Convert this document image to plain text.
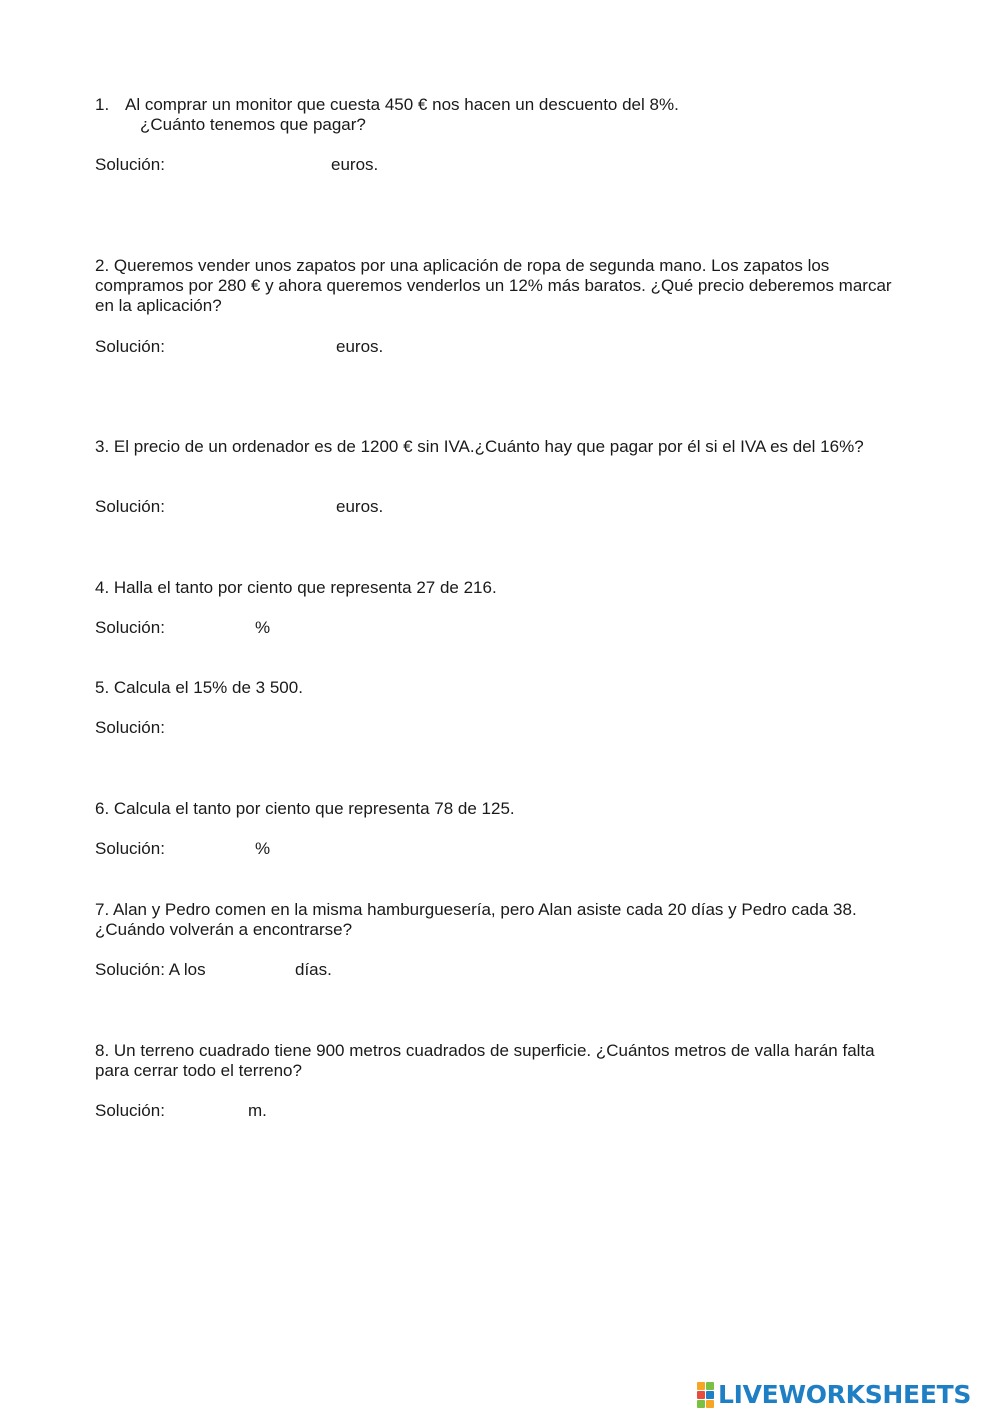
1. Al comprar un monitor que cuesta 450 € nos hacen un descuento del 8%.
¿Cuánto tenemos que pagar?
Solución:	euros.
2. Queremos vender unos zapatos por una aplicación de ropa de segunda mano. Los zapatos los compramos por 280 € y ahora queremos venderlos un 12% más baratos. ¿Qué precio deberemos marcar en la aplicación?
Solución:	euros.
3. El precio de un ordenador es de 1200 € sin IVA.¿Cuánto hay que pagar por él si el IVA es del 16%?
Solución:	euros.
4. Halla el tanto por ciento que representa 27 de 216.
Solución:	%
5. Calcula el 15% de 3 500.
Solución:
6. Calcula el tanto por ciento que representa 78 de 125.
Solución:	%
7. Alan y Pedro comen en la misma hamburguesería, pero Alan asiste cada 20 días y Pedro cada 38. ¿Cuándo volverán a encontrarse?
Solución: A los	días.
8. Un terreno cuadrado tiene 900 metros cuadrados de superficie. ¿Cuántos metros de valla harán falta para cerrar todo el terreno?
Solución:	m.
LIVEWORKSHEETS
